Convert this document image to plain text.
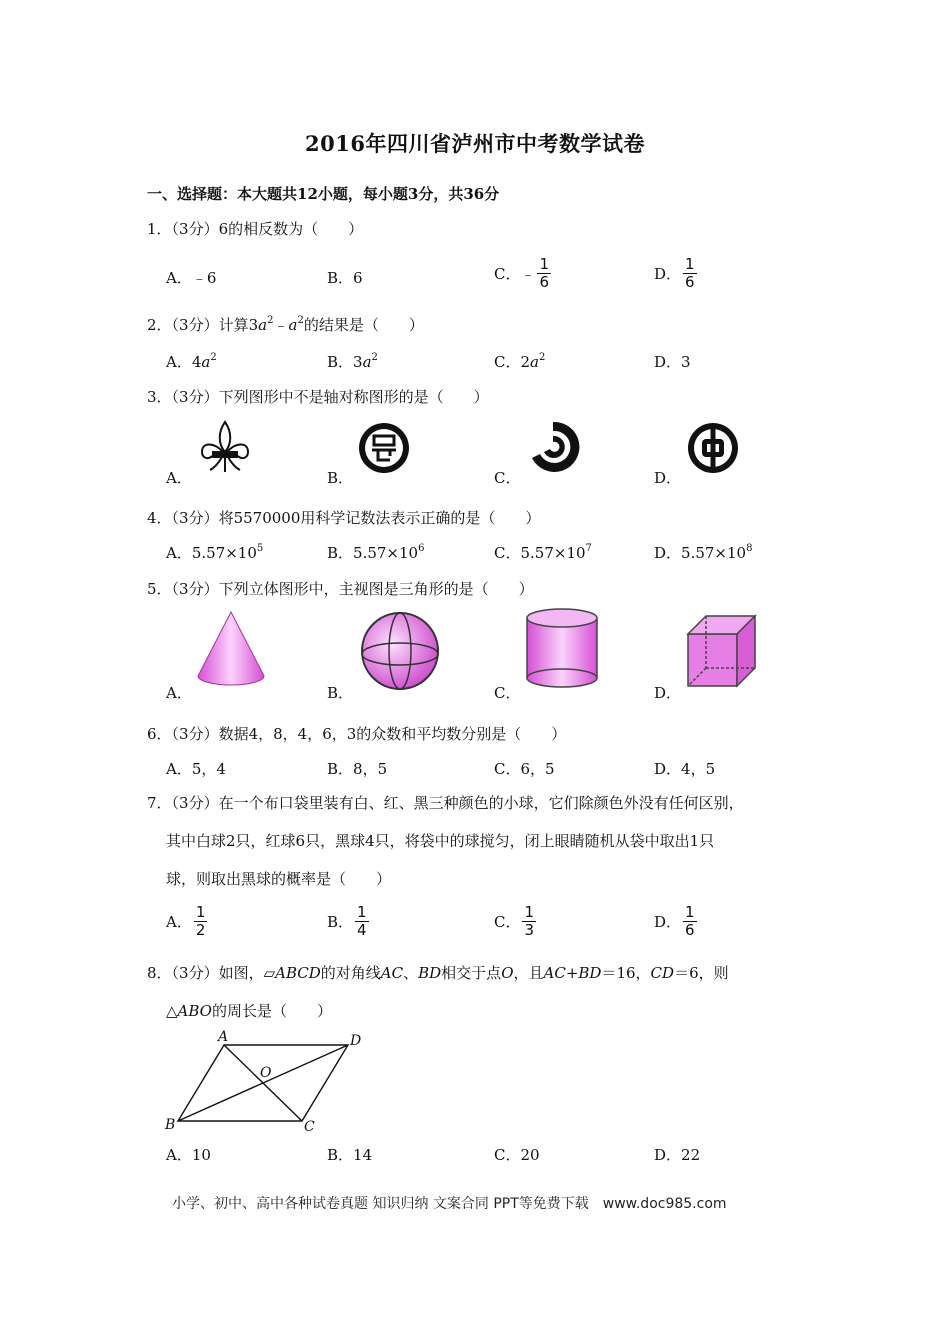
2016年四川省泸州市中考数学试卷
一、选择题：本大题共12小题，每小题3分，共36分
1．（3分）6的相反数为（　　）
A．﹣6	B．6	C．﹣ $\frac{1}{6}$	D． $\frac{1}{6}$
2．（3分）计算$3a^2﹣a^2$的结果是（　　）
A．$4a^2$	B．$3a^2$	C．$2a^2$	D．3
3．（3分）下列图形中不是轴对称图形的是（　　）
A．	B．	C．	D．
4．（3分）将5570000用科学记数法表示正确的是（　　）
A．$5.57\times 10^5$	B．$5.57\times 10^6$	C．$5.57\times 10^7$	D．$5.57\times 10^8$
5．（3分）下列立体图形中，主视图是三角形的是（　　）
A．	B．	C．	D．
6．（3分）数据4，8，4，6，3的众数和平均数分别是（　　）
A．5，4	B．8，5	C．6，5	D．4，5
7．（3分）在一个布口袋里装有白、红、黑三种颜色的小球，它们除颜色外没有任何区别，
其中白球2只，红球6只，黑球4只，将袋中的球搅匀，闭上眼睛随机从袋中取出1只
球，则取出黑球的概率是（　　）
A． $\frac{1}{2}$	B． $\frac{1}{4}$	C． $\frac{1}{3}$	D． $\frac{1}{6}$
8．（3分）如图，▱ABCD的对角线AC、BD相交于点O，且AC+BD＝16，CD＝6，则
△ABO的周长是（　　）
A	D
O
B	C
A．10	B．14	C．20	D．22
小学、初中、高中各种试卷真题 知识归纳 文案合同 PPT等免费下载　www.doc985.com
